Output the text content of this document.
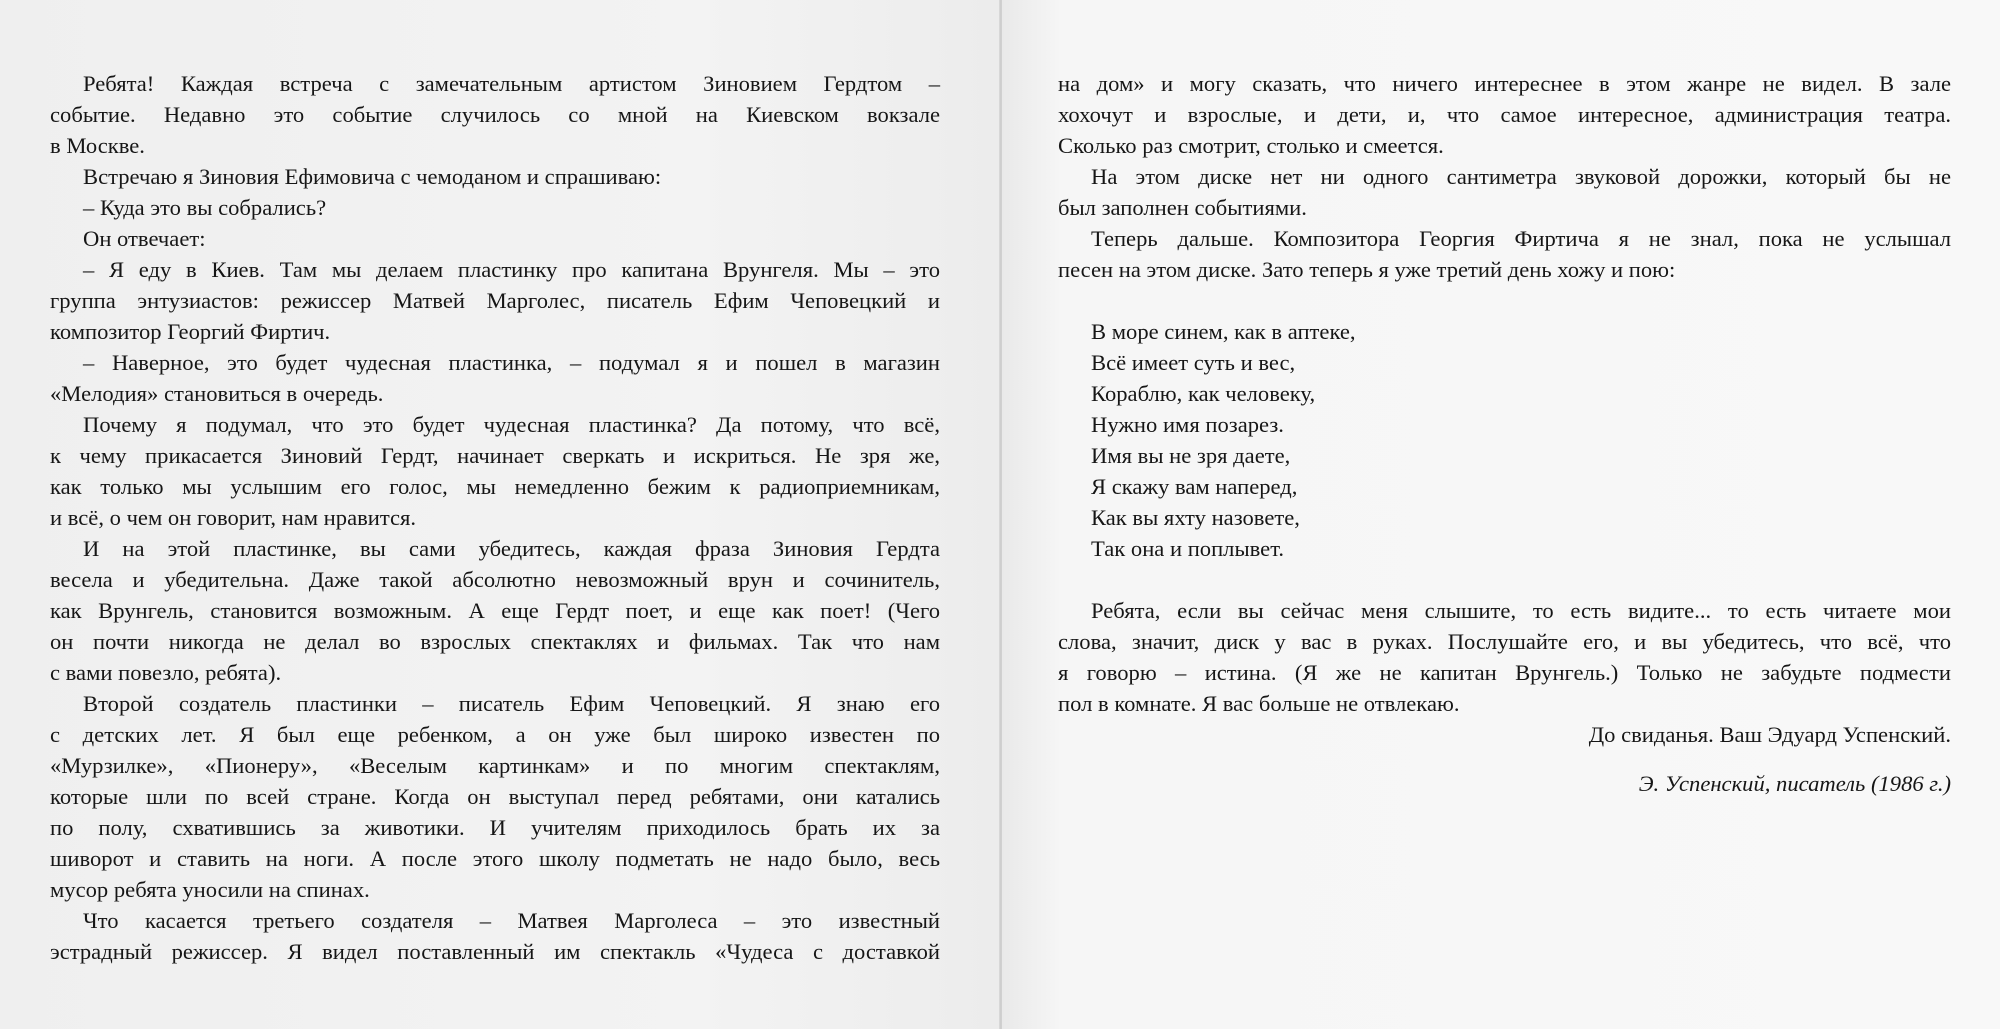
Ребята! Каждая встреча с замечательным артистом Зиновием Гердтом –
событие. Недавно это событие случилось со мной на Киевском вокзале
в Москве.
Встречаю я Зиновия Ефимовича с чемоданом и спрашиваю:
– Куда это вы собрались?
Он отвечает:
– Я еду в Киев. Там мы делаем пластинку про капитана Врунгеля. Мы – это
группа энтузиастов: режиссер Матвей Марголес, писатель Ефим Чеповецкий и
композитор Георгий Фиртич.
– Наверное, это будет чудесная пластинка, – подумал я и пошел в магазин
«Мелодия» становиться в очередь.
Почему я подумал, что это будет чудесная пластинка? Да потому, что всё,
к чему прикасается Зиновий Гердт, начинает сверкать и искриться. Не зря же,
как только мы услышим его голос, мы немедленно бежим к радиоприемникам,
и всё, о чем он говорит, нам нравится.
И на этой пластинке, вы сами убедитесь, каждая фраза Зиновия Гердта
весела и убедительна. Даже такой абсолютно невозможный врун и сочинитель,
как Врунгель, становится возможным. А еще Гердт поет, и еще как поет! (Чего
он почти никогда не делал во взрослых спектаклях и фильмах. Так что нам
с вами повезло, ребята).
Второй создатель пластинки – писатель Ефим Чеповецкий. Я знаю его
с детских лет. Я был еще ребенком, а он уже был широко известен по
«Мурзилке», «Пионеру», «Веселым картинкам» и по многим спектаклям,
которые шли по всей стране. Когда он выступал перед ребятами, они катались
по полу, схватившись за животики. И учителям приходилось брать их за
шиворот и ставить на ноги. А после этого школу подметать не надо было, весь
мусор ребята уносили на спинах.
Что касается третьего создателя – Матвея Марголеса – это известный
эстрадный режиссер. Я видел поставленный им спектакль «Чудеса с доставкой
на дом» и могу сказать, что ничего интереснее в этом жанре не видел. В зале
хохочут и взрослые, и дети, и, что самое интересное, администрация театра.
Сколько раз смотрит, столько и смеется.
На этом диске нет ни одного сантиметра звуковой дорожки, который бы не
был заполнен событиями.
Теперь дальше. Композитора Георгия Фиртича я не знал, пока не услышал
песен на этом диске. Зато теперь я уже третий день хожу и пою:
В море синем, как в аптеке,
Всё имеет суть и вес,
Кораблю, как человеку,
Нужно имя позарез.
Имя вы не зря даете,
Я скажу вам наперед,
Как вы яхту назовете,
Так она и поплывет.
Ребята, если вы сейчас меня слышите, то есть видите... то есть читаете мои
слова, значит, диск у вас в руках. Послушайте его, и вы убедитесь, что всё, что
я говорю – истина. (Я же не капитан Врунгель.) Только не забудьте подмести
пол в комнате. Я вас больше не отвлекаю.
До свиданья. Ваш Эдуард Успенский.
Э. Успенский, писатель (1986 г.)
